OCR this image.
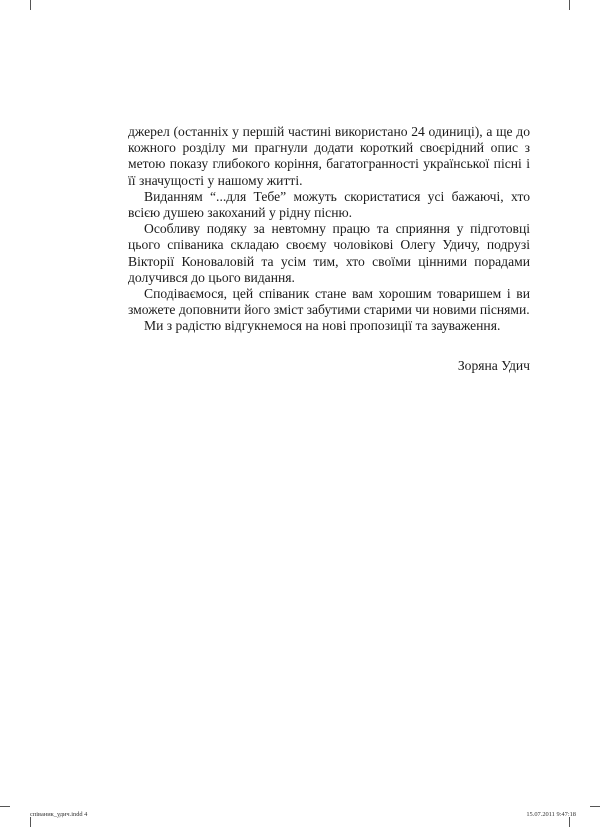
джерел (останніх у першій частині використано 24 одиниці), а ще до кожного розділу ми прагнули додати короткий своєрідний опис з метою показу глибокого коріння, багатогранності української пісні і її значущості у нашому житті.

Виданням “...для Тебе” можуть скористатися усі бажаючі, хто всією душею закоханий у рідну пісню.

Особливу подяку за невтомну працю та сприяння у підготовці цього співаника складаю своєму чоловікові Олегу Удичу, подрузі Вікторії Коноваловій та усім тим, хто своїми цінними порадами долучився до цього видання.

Сподіваємося, цей співаник стане вам хорошим товаришем і ви зможете доповнити його зміст забутими старими чи новими піснями.

Ми з радістю відгукнемося на нові пропозиції та зауваження.

Зоряна Удич

співаник_удич.indd 4	15.07.2011 9:47:18
